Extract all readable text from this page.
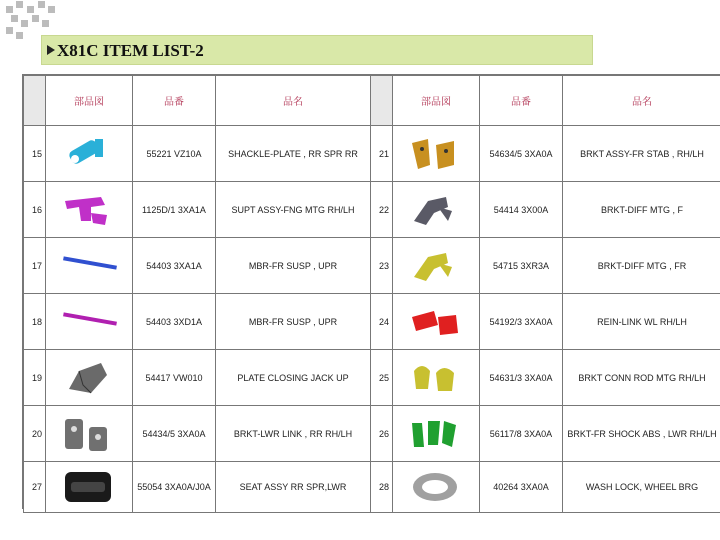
X81C ITEM LIST-2
	部品図	品番	品名		部品図	品番	品名
15		55221 VZ10A	SHACKLE-PLATE , RR SPR RR	21		54634/5 3XA0A	BRKT ASSY-FR STAB , RH/LH
16		1125D/1 3XA1A	SUPT ASSY-FNG MTG RH/LH	22		54414 3X00A	BRKT-DIFF MTG , F
17		54403 3XA1A	MBR-FR SUSP , UPR	23		54715 3XR3A	BRKT-DIFF MTG , FR
18		54403 3XD1A	MBR-FR SUSP , UPR	24		54192/3 3XA0A	REIN-LINK WL RH/LH
19		54417 VW010	PLATE CLOSING JACK UP	25		54631/3 3XA0A	BRKT CONN ROD MTG RH/LH
20		54434/5 3XA0A	BRKT-LWR LINK , RR RH/LH	26		56117/8 3XA0A	BRKT-FR SHOCK ABS , LWR RH/LH
27		55054 3XA0A/J0A	SEAT ASSY RR SPR,LWR	28		40264 3XA0A	WASH LOCK, WHEEL BRG
